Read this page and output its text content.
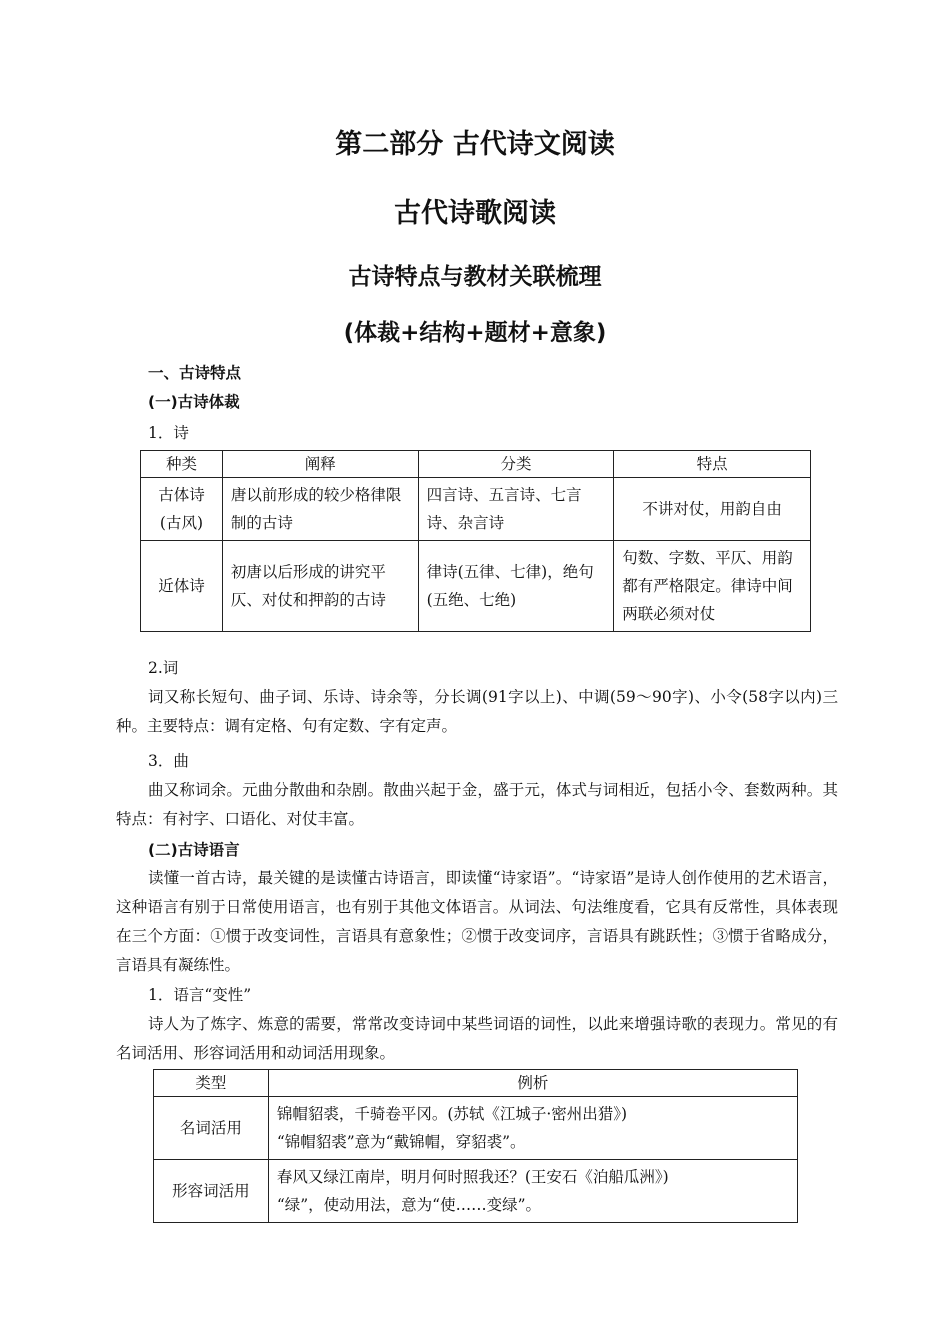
第二部分 古代诗文阅读
古代诗歌阅读
古诗特点与教材关联梳理
(体裁+结构+题材+意象)
一、古诗特点
(一)古诗体裁
1．诗
种类	阐释	分类	特点
古体诗(古风)	唐以前形成的较少格律限制的古诗	四言诗、五言诗、七言诗、杂言诗	不讲对仗，用韵自由
近体诗	初唐以后形成的讲究平仄、对仗和押韵的古诗	律诗(五律、七律)，绝句(五绝、七绝)	句数、字数、平仄、用韵都有严格限定。律诗中间两联必须对仗
2.词
词又称长短句、曲子词、乐诗、诗余等，分长调(91字以上)、中调(59～90字)、小令(58字以内)三种。主要特点：调有定格、句有定数、字有定声。
3．曲
曲又称词余。元曲分散曲和杂剧。散曲兴起于金，盛于元，体式与词相近，包括小令、套数两种。其特点：有衬字、口语化、对仗丰富。
(二)古诗语言
读懂一首古诗，最关键的是读懂古诗语言，即读懂“诗家语”。“诗家语”是诗人创作使用的艺术语言，这种语言有别于日常使用语言，也有别于其他文体语言。从词法、句法维度看，它具有反常性，具体表现在三个方面：①惯于改变词性，言语具有意象性；②惯于改变词序，言语具有跳跃性；③惯于省略成分，言语具有凝练性。
1．语言“变性”
诗人为了炼字、炼意的需要，常常改变诗词中某些词语的词性，以此来增强诗歌的表现力。常见的有名词活用、形容词活用和动词活用现象。
类型	例析
名词活用	锦帽貂裘，千骑卷平冈。(苏轼《江城子·密州出猎》)
“锦帽貂裘”意为“戴锦帽，穿貂裘”。

形容词活用	春风又绿江南岸，明月何时照我还？(王安石《泊船瓜洲》)
“绿”，使动用法，意为“使……变绿”。
